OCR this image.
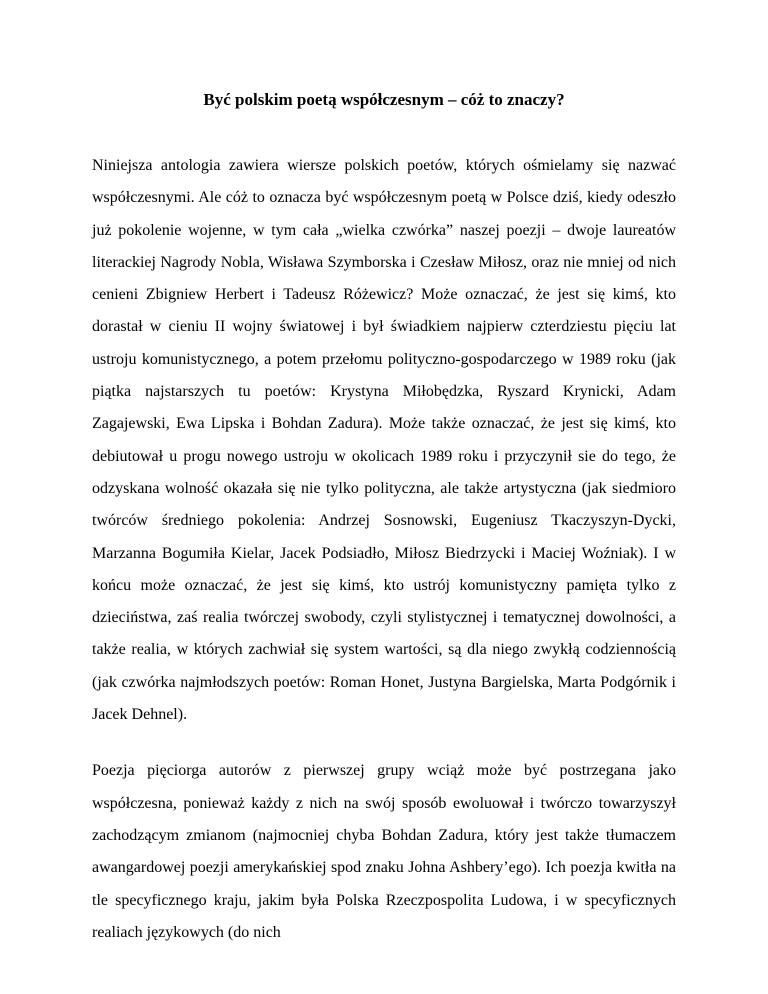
Być polskim poetą współczesnym – cóż to znaczy?

Niniejsza antologia zawiera wiersze polskich poetów, których ośmielamy się nazwać współczesnymi. Ale cóż to oznacza być współczesnym poetą w Polsce dziś, kiedy odeszło już pokolenie wojenne, w tym cała „wielka czwórka” naszej poezji – dwoje laureatów literackiej Nagrody Nobla, Wisława Szymborska i Czesław Miłosz, oraz nie mniej od nich cenieni Zbigniew Herbert i Tadeusz Różewicz? Może oznaczać, że jest się kimś, kto dorastał w cieniu II wojny światowej i był świadkiem najpierw czterdziestu pięciu lat ustroju komunistycznego, a potem przełomu polityczno-gospodarczego w 1989 roku (jak piątka najstarszych tu poetów: Krystyna Miłobędzka, Ryszard Krynicki, Adam Zagajewski, Ewa Lipska i Bohdan Zadura). Może także oznaczać, że jest się kimś, kto debiutował u progu nowego ustroju w okolicach 1989 roku i przyczynił sie do tego, że odzyskana wolność okazała się nie tylko polityczna, ale także artystyczna (jak siedmioro twórców średniego pokolenia: Andrzej Sosnowski, Eugeniusz Tkaczyszyn-Dycki, Marzanna Bogumiła Kielar, Jacek Podsiadło, Miłosz Biedrzycki i Maciej Woźniak). I w końcu może oznaczać, że jest się kimś, kto ustrój komunistyczny pamięta tylko z dzieciństwa, zaś realia twórczej swobody, czyli stylistycznej i tematycznej dowolności, a także realia, w których zachwiał się system wartości, są dla niego zwykłą codziennością (jak czwórka najmłodszych poetów: Roman Honet, Justyna Bargielska, Marta Podgórnik i Jacek Dehnel).

Poezja pięciorga autorów z pierwszej grupy wciąż może być postrzegana jako współczesna, ponieważ każdy z nich na swój sposób ewoluował i twórczo towarzyszył zachodzącym zmianom (najmocniej chyba Bohdan Zadura, który jest także tłumaczem awangardowej poezji amerykańskiej spod znaku Johna Ashbery’ego). Ich poezja kwitła na tle specyficznego kraju, jakim była Polska Rzeczpospolita Ludowa, i w specyficznych realiach językowych (do nich
